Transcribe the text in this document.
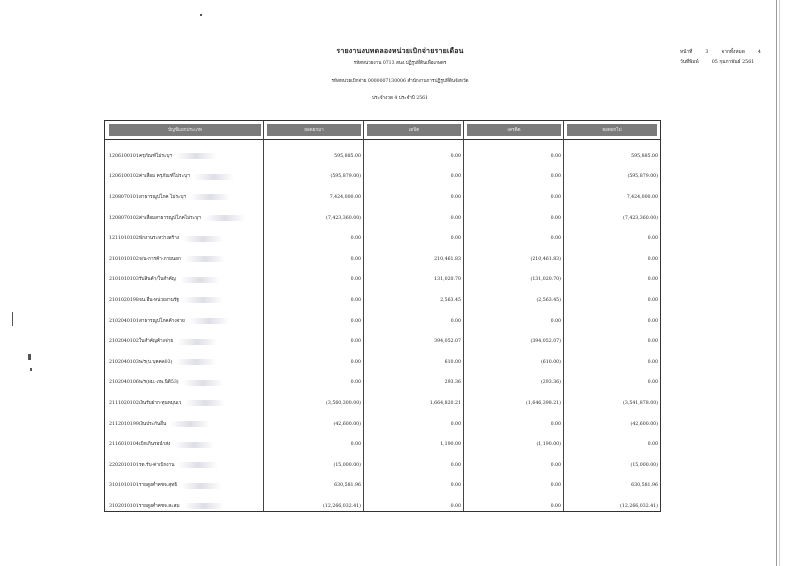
รายงานงบทดลองหน่วยเบิกจ่ายรายเดือน
รหัสหน่วยงาน 0713 สนง.ปฏิรูปที่ดินเพื่อเกษตร
รหัสหน่วยเบิกจ่าย 0000007130006 สำนักงานการปฏิรูปที่ดินจังหวัด
ประจำงวด 4 ประจำปี 2561
หน้าที่	3	จากทั้งหมด	4
วันที่พิมพ์	05 กุมภาพันธ์ 2561
บัญชีแยกประเภท	ยอดยกมา	เดบิต	เครดิต	ยอดยกไป
1206100101 ครุภัณฑ์ไม่ระบุฯ	595,885.00	0.00	0.00	595,885.00
1206100102 ค่าเสื่อม ครุภัณฑ์ไม่ระบุฯ	(595,879.00)	0.00	0.00	(595,879.00)
1208070101 สาธารณูปโภค ไม่ระบุฯ	7,424,000.00	0.00	0.00	7,424,000.00
1208070102 ค่าเสื่อมสาธารณูปโภคไม่ระบุฯ	(7,423,360.00)	0.00	0.00	(7,423,360.00)
1211010102 พักงานระหว่างสร้าง	0.00	0.00	0.00	0.00
2101010102 จ/น-การค้า-ภายนอก	0.00	210,461.83	(210,461.83)	0.00
2101010103 รับสินค้า/ใบสำคัญ	0.00	131,020.70	(131,020.70)	0.00
2101020198 จน.อื่น-หน่วยงานรัฐ	0.00	2,563.45	(2,563.45)	0.00
2102040101 สาธารณูปโภคค้างจ่าย	0.00	0.00	0.00	0.00
2102040102 ใบสำคัญค้างจ่าย	0.00	394,052.07	(394,052.07)	0.00
2102040103 พ/ร(บ.บุคคล03)	0.00	610.00	(610.00)	0.00
2102040106 พ/ร(ผม.-ภพ.นิติ53)	0.00	293.36	(293.36)	0.00
2111020102 เงินรับฝาก-ทุนหมุนเว	(3,560,300.00)	1,664,820.21	(1,646,398.21)	(3,541,878.00)
2112010199 เงินประกันอื่น	(42,600.00)	0.00	0.00	(42,600.00)
2116010104 เบิกเกินรอนำส่ง	0.00	1,190.00	(1,190.00)	0.00
2202010101 รด.รับ-ค่าเบิกงาน	(15,000.00)	0.00	0.00	(15,000.00)
3101010101 รายสูงต่ำคชจ.สุทธิ	630,581.96	0.00	0.00	630,581.96
3102010101 รายสูงต่ำคชจ.สะสม	(12,266,032.41)	0.00	0.00	(12,266,032.41)
